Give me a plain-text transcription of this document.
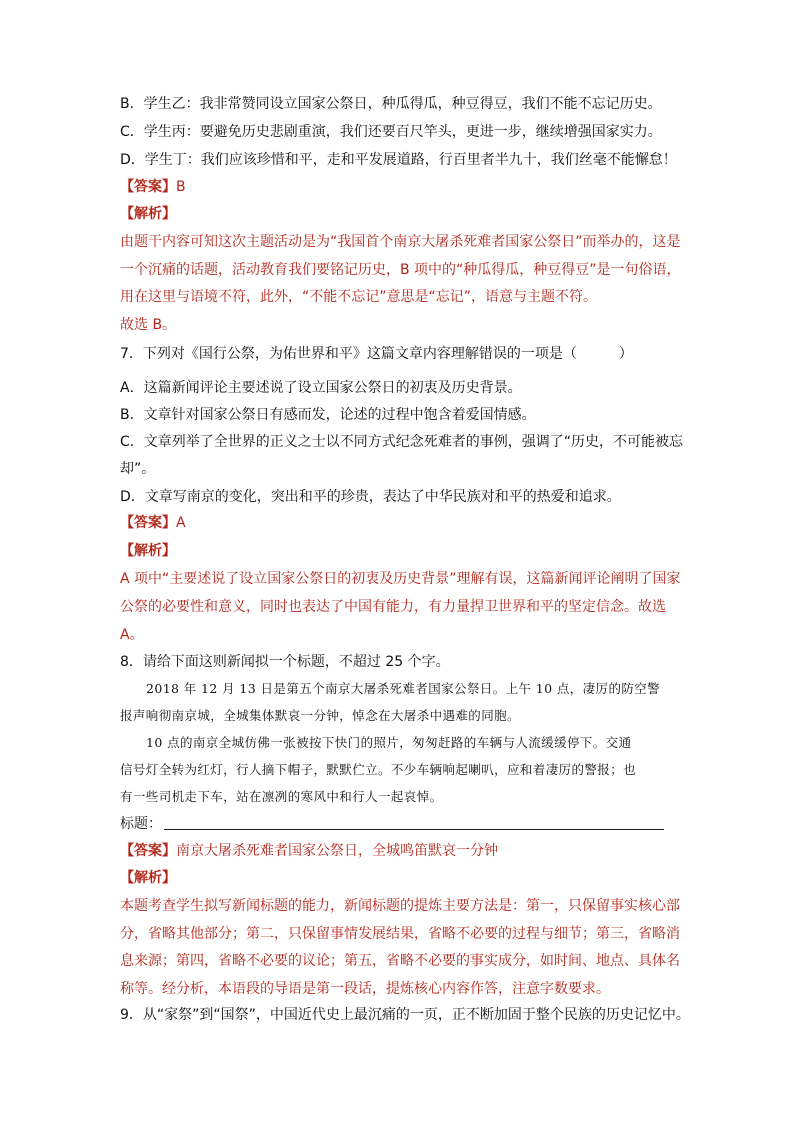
B．学生乙：我非常赞同设立国家公祭日，种瓜得瓜，种豆得豆，我们不能不忘记历史。
C．学生丙：要避免历史悲剧重演，我们还要百尺竿头，更进一步，继续增强国家实力。
D．学生丁：我们应该珍惜和平，走和平发展道路，行百里者半九十，我们丝毫不能懈怠！
【答案】B
【解析】
由题干内容可知这次主题活动是为“我国首个南京大屠杀死难者国家公祭日”而举办的，这是
一个沉痛的话题，活动教育我们要铭记历史，B 项中的“种瓜得瓜，种豆得豆”是一句俗语，
用在这里与语境不符，此外，“不能不忘记”意思是“忘记”，语意与主题不符。
故选 B。
7．下列对《国行公祭，为佑世界和平》这篇文章内容理解错误的一项是（　　　）
A．这篇新闻评论主要述说了设立国家公祭日的初衷及历史背景。
B．文章针对国家公祭日有感而发，论述的过程中饱含着爱国情感。
C．文章列举了全世界的正义之士以不同方式纪念死难者的事例，强调了“历史，不可能被忘
却”。
D．文章写南京的变化，突出和平的珍贵，表达了中华民族对和平的热爱和追求。
【答案】A
【解析】
A 项中“主要述说了设立国家公祭日的初衷及历史背景”理解有误，这篇新闻评论阐明了国家
公祭的必要性和意义，同时也表达了中国有能力，有力量捍卫世界和平的坚定信念。故选
A。
8．请给下面这则新闻拟一个标题，不超过 25 个字。
2018 年 12 月 13 日是第五个南京大屠杀死难者国家公祭日。上午 10 点，凄厉的防空警
报声响彻南京城，全城集体默哀一分钟，悼念在大屠杀中遇难的同胞。
10 点的南京全城仿佛一张被按下快门的照片，匆匆赶路的车辆与人流缓缓停下。交通
信号灯全转为红灯，行人摘下帽子，默默伫立。不少车辆响起喇叭，应和着凄厉的警报；也
有一些司机走下车，站在凛冽的寒风中和行人一起哀悼。
标题：
【答案】南京大屠杀死难者国家公祭日，全城鸣笛默哀一分钟
【解析】
本题考查学生拟写新闻标题的能力，新闻标题的提炼主要方法是：第一，只保留事实核心部
分，省略其他部分；第二，只保留事情发展结果，省略不必要的过程与细节；第三，省略消
息来源；第四，省略不必要的议论；第五，省略不必要的事实成分，如时间、地点、具体名
称等。经分析，本语段的导语是第一段话，提炼核心内容作答，注意字数要求。
9．从“家祭”到“国祭”，中国近代史上最沉痛的一页，正不断加固于整个民族的历史记忆中。
